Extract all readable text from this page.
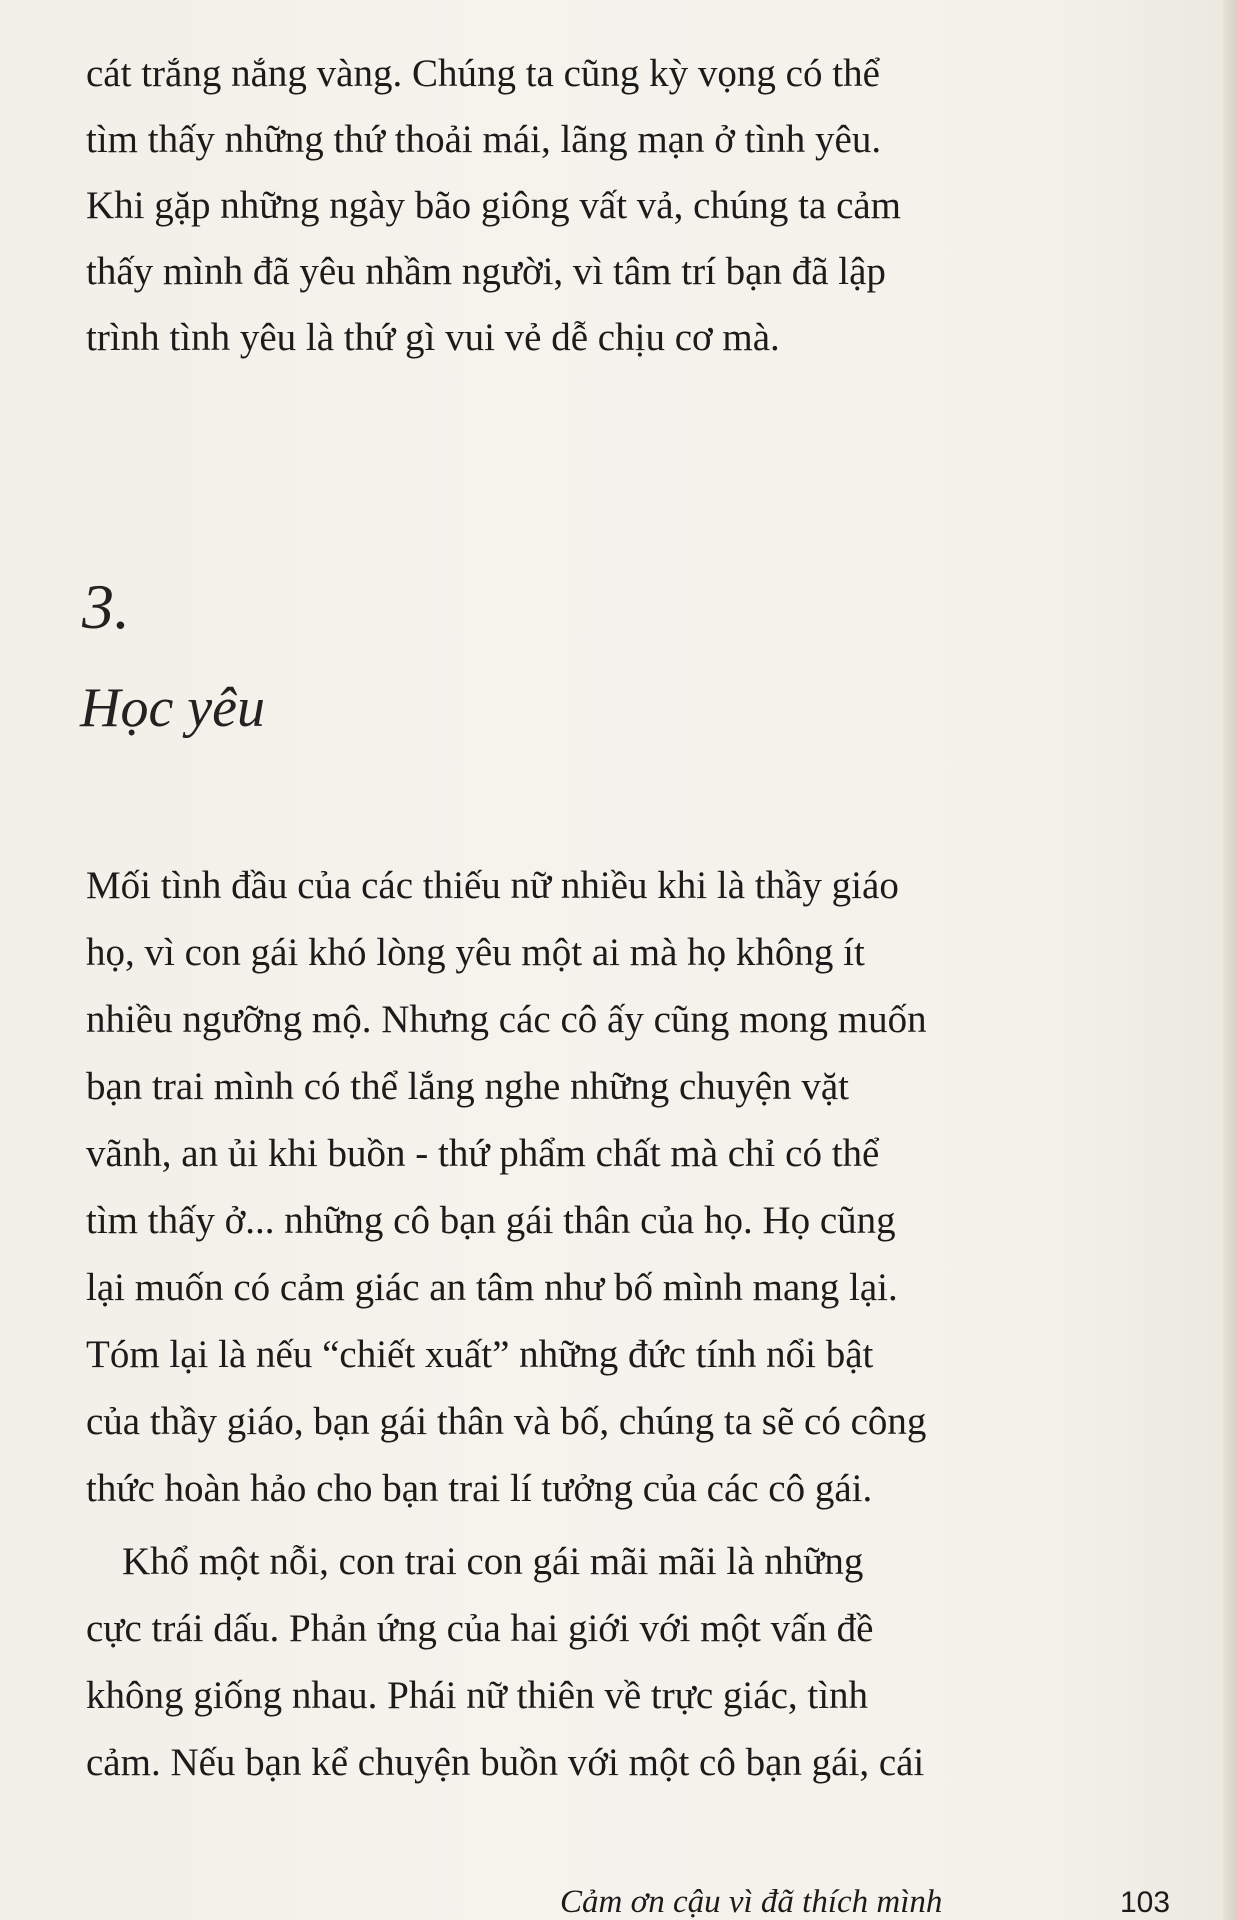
cát trắng nắng vàng. Chúng ta cũng kỳ vọng có thể
tìm thấy những thứ thoải mái, lãng mạn ở tình yêu.
Khi gặp những ngày bão giông vất vả, chúng ta cảm
thấy mình đã yêu nhầm người, vì tâm trí bạn đã lập
trình tình yêu là thứ gì vui vẻ dễ chịu cơ mà.
3.
Học yêu
Mối tình đầu của các thiếu nữ nhiều khi là thầy giáo
họ, vì con gái khó lòng yêu một ai mà họ không ít
nhiều ngưỡng mộ. Nhưng các cô ấy cũng mong muốn
bạn trai mình có thể lắng nghe những chuyện vặt
vãnh, an ủi khi buồn - thứ phẩm chất mà chỉ có thể
tìm thấy ở... những cô bạn gái thân của họ. Họ cũng
lại muốn có cảm giác an tâm như bố mình mang lại.
Tóm lại là nếu “chiết xuất” những đức tính nổi bật
của thầy giáo, bạn gái thân và bố, chúng ta sẽ có công
thức hoàn hảo cho bạn trai lí tưởng của các cô gái.
Khổ một nỗi, con trai con gái mãi mãi là những
cực trái dấu. Phản ứng của hai giới với một vấn đề
không giống nhau. Phái nữ thiên về trực giác, tình
cảm. Nếu bạn kể chuyện buồn với một cô bạn gái, cái
Cảm ơn cậu vì đã thích mình	103
